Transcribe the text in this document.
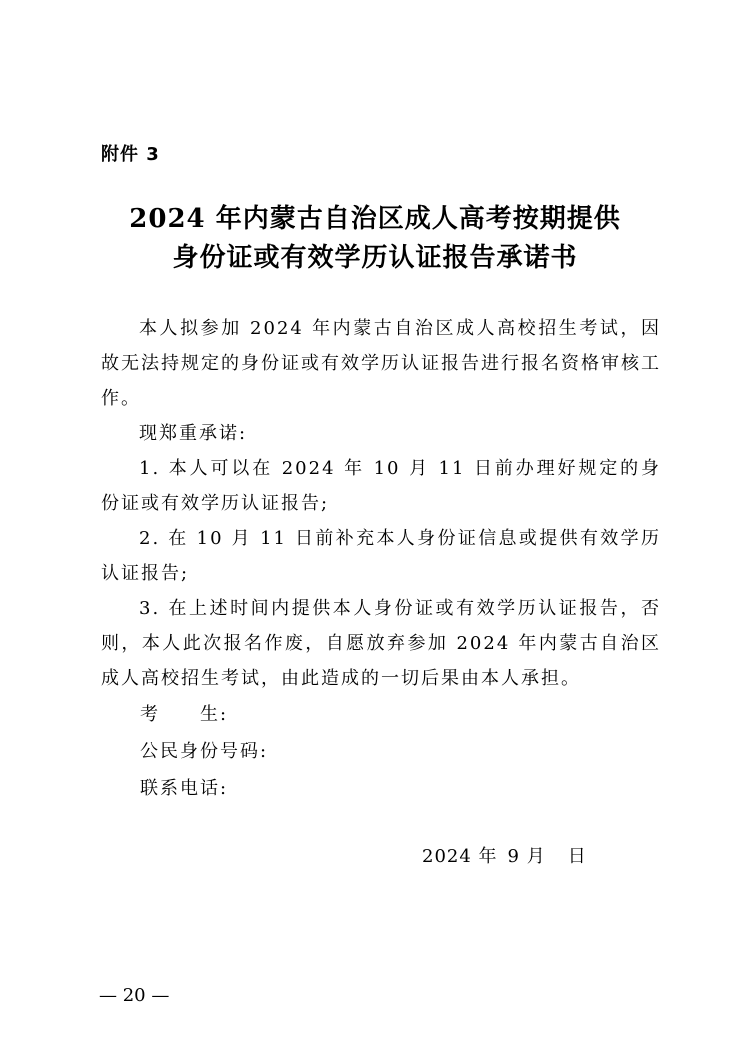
附件 3
2024 年内蒙古自治区成人高考按期提供
身份证或有效学历认证报告承诺书

本人拟参加 2024 年内蒙古自治区成人高校招生考试，因故无法持规定的身份证或有效学历认证报告进行报名资格审核工作。

现郑重承诺:

1. 本人可以在 2024 年 10 月 11 日前办理好规定的身份证或有效学历认证报告;

2. 在 10 月 11 日前补充本人身份证信息或提供有效学历认证报告;

3. 在上述时间内提供本人身份证或有效学历认证报告，否则，本人此次报名作废，自愿放弃参加 2024 年内蒙古自治区成人高校招生考试，由此造成的一切后果由本人承担。

考 生:
公民身份号码:
联系电话:
2024 年 9 月 日
— 20 —
